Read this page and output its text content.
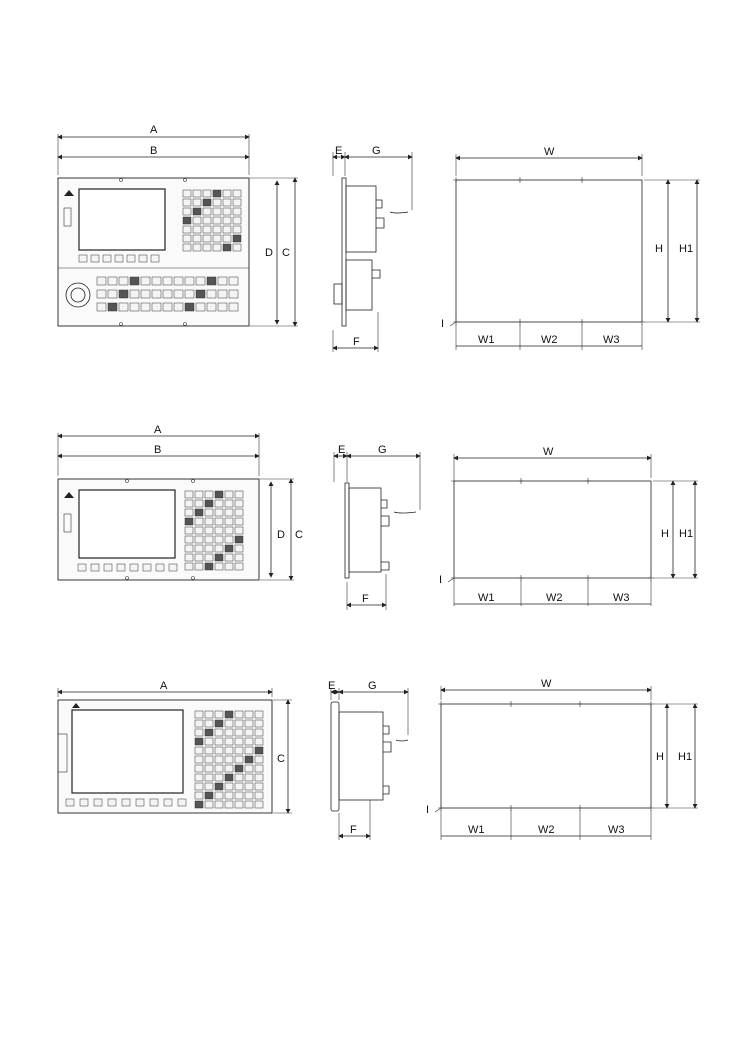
A
B
D C
E	G
F
W
H H1
W1	W2	W3
I
A
B
D C
E	G
F
W
H H1
W1	W2	W3
I
A
C
E	G
F
W
H H1
W1	W2	W3
I
